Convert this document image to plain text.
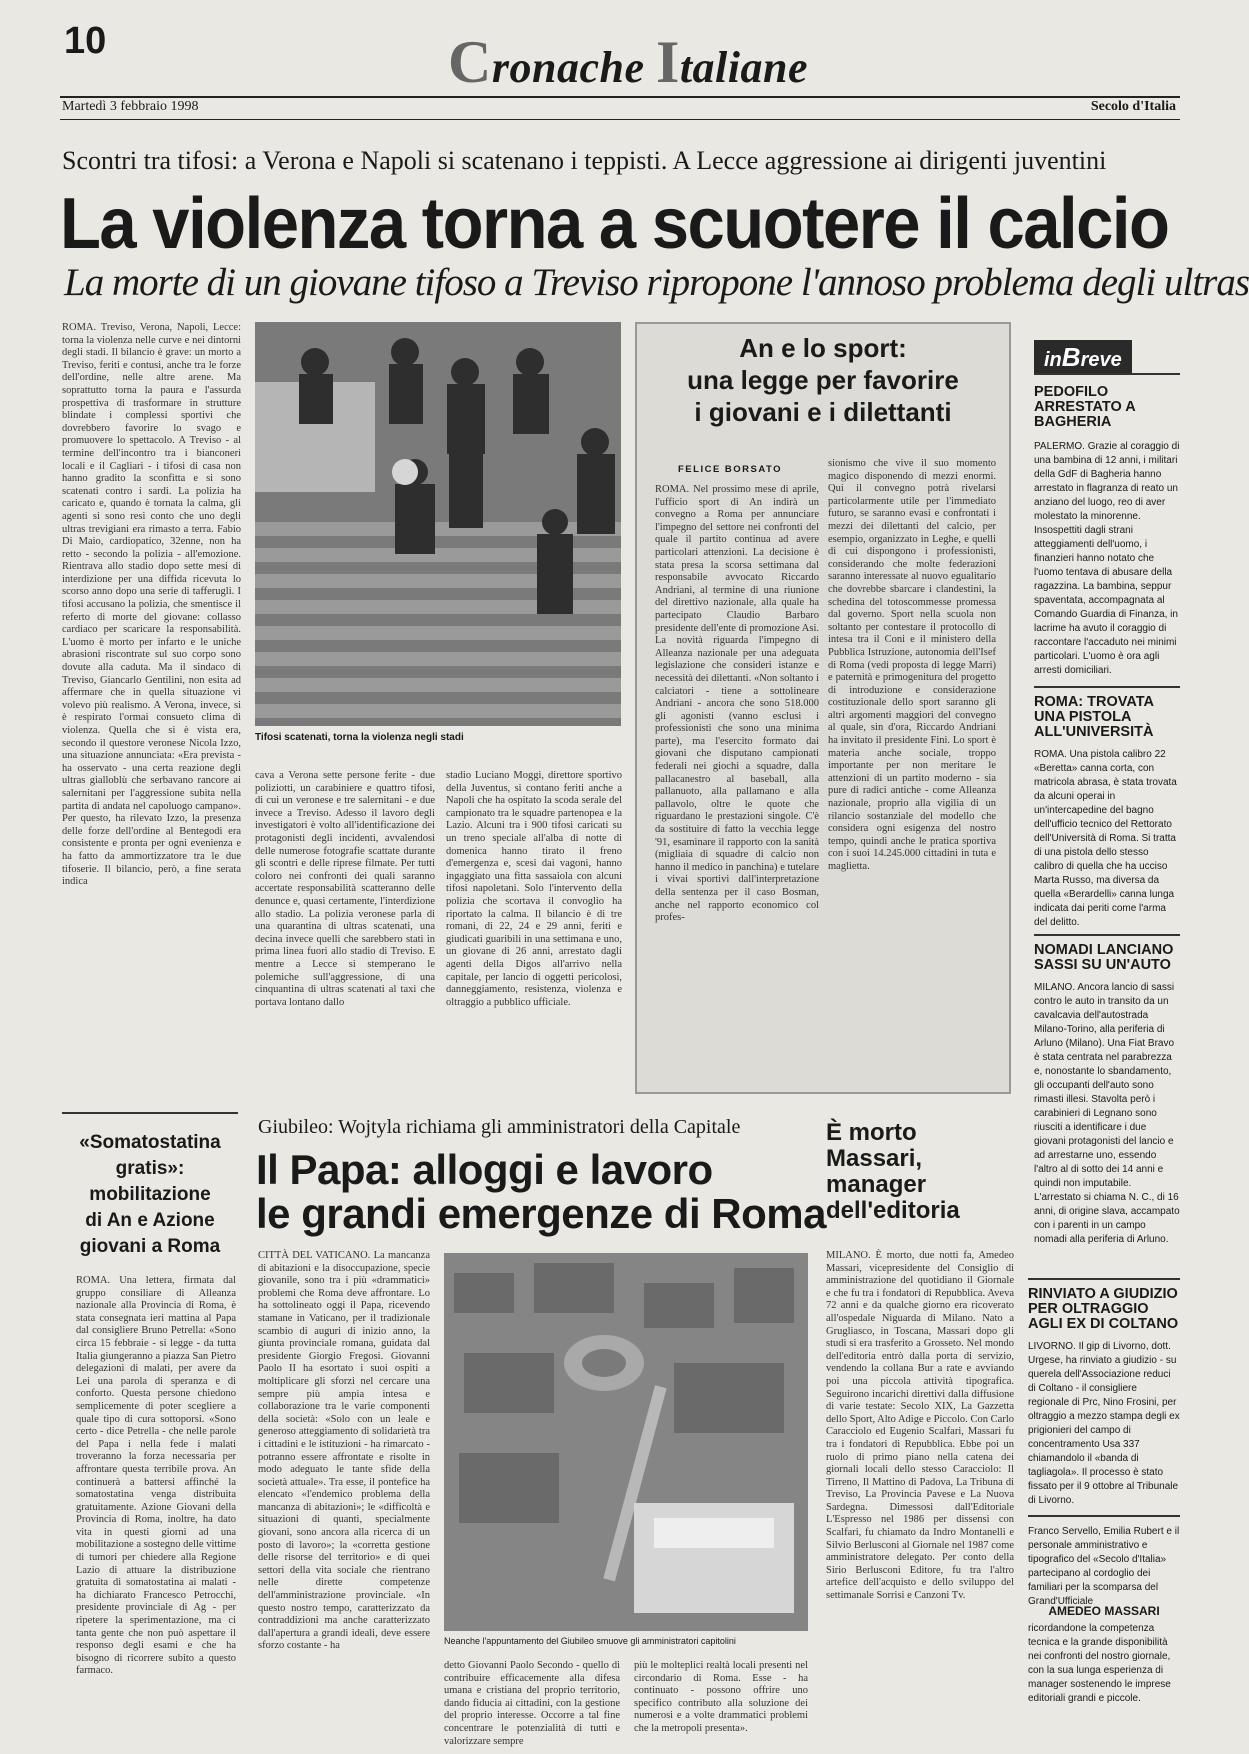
10	Cronache Italiane
Martedì 3 febbraio 1998	Secolo d'Italia
Scontri tra tifosi: a Verona e Napoli si scatenano i teppisti. A Lecce aggressione ai dirigenti juventini
La violenza torna a scuotere il calcio
La morte di un giovane tifoso a Treviso ripropone l'annoso problema degli ultras

ROMA. Treviso, Verona, Napoli, Lecce: torna la violenza nelle curve e nei dintorni degli stadi. Il bilancio è grave: un morto a Treviso, feriti e contusi, anche tra le forze dell'ordine, nelle altre arene. Ma soprattutto torna la paura e l'assurda prospettiva di trasformare in strutture blindate i complessi sportivi che dovrebbero favorire lo svago e promuovere lo spettacolo. A Treviso - al termine dell'incontro tra i bianconeri locali e il Cagliari - i tifosi di casa non hanno gradito la sconfitta e si sono scatenati contro i sardi. La polizia ha caricato e, quando è tornata la calma, gli agenti si sono resi conto che uno degli ultras trevigiani era rimasto a terra. Fabio Di Maio, cardiopatico, 32enne, non ha retto - secondo la polizia - all'emozione. Rientrava allo stadio dopo sette mesi di interdizione per una diffida ricevuta lo scorso anno dopo una serie di tafferugli. I tifosi accusano la polizia, che smentisce il referto di morte del giovane: collasso cardiaco per scaricare la responsabilità. L'uomo è morto per infarto e le uniche abrasioni riscontrate sul suo corpo sono dovute alla caduta. Ma il sindaco di Treviso, Giancarlo Gentilini, non esita ad affermare che in quella situazione vi volevo più realismo. A Verona, invece, si è respirato l'ormai consueto clima di violenza. Quella che si è vista era, secondo il questore veronese Nicola Izzo, una situazione annunciata: «Era prevista - ha osservato - una certa reazione degli ultras gialloblù che serbavano rancore ai salernitani per l'aggressione subita nella partita di andata nel capoluogo campano». Per questo, ha rilevato Izzo, la presenza delle forze dell'ordine al Bentegodi era consistente e pronta per ogni evenienza e ha fatto da ammortizzatore tra le due tifoserie. Il bilancio, però, a fine serata indica

Tifosi scatenati, torna la violenza negli stadi

cava a Verona sette persone ferite - due poliziotti, un carabiniere e quattro tifosi, di cui un veronese e tre salernitani - e due invece a Treviso. Adesso il lavoro degli investigatori è volto all'identificazione dei protagonisti degli incidenti, avvalendosi delle numerose fotografie scattate durante gli scontri e delle riprese filmate. Per tutti coloro nei confronti dei quali saranno accertate responsabilità scatteranno delle denunce e, quasi certamente, l'interdizione allo stadio. La polizia veronese parla di una quarantina di ultras scatenati, una decina invece quelli che sarebbero stati in prima linea fuori allo stadio di Treviso. E mentre a Lecce si stemperano le polemiche sull'aggressione, di una cinquantina di ultras scatenati al taxi che portava lontano dallo

stadio Luciano Moggi, direttore sportivo della Juventus, si contano feriti anche a Napoli che ha ospitato la scoda serale del campionato tra le squadre partenopea e la Lazio. Alcuni tra i 900 tifosi caricati su un treno speciale all'alba di notte di domenica hanno tirato il freno d'emergenza e, scesi dai vagoni, hanno ingaggiato una fitta sassaiola con alcuni tifosi napoletani. Solo l'intervento della polizia che scortava il convoglio ha riportato la calma. Il bilancio è di tre romani, di 22, 24 e 29 anni, feriti e giudicati guaribili in una settimana e uno, un giovane di 26 anni, arrestato dagli agenti della Digos all'arrivo nella capitale, per lancio di oggetti pericolosi, danneggiamento, resistenza, violenza e oltraggio a pubblico ufficiale.

An e lo sport:
una legge per favorire
i giovani e i dilettanti
FELICE BORSATO

ROMA. Nel prossimo mese di aprile, l'ufficio sport di An indirà un convegno a Roma per annunciare l'impegno del settore nei confronti del quale il partito continua ad avere particolari attenzioni. La decisione è stata presa la scorsa settimana dal responsabile avvocato Riccardo Andriani, al termine di una riunione del direttivo nazionale, alla quale ha partecipato Claudio Barbaro presidente dell'ente di promozione Asi. La novità riguarda l'impegno di Alleanza nazionale per una adeguata legislazione che consideri istanze e necessità dei dilettanti. «Non soltanto i calciatori - tiene a sottolineare Andriani - ancora che sono 518.000 gli agonisti (vanno esclusi i professionisti che sono una minima parte), ma l'esercito formato dai giovani che disputano campionati federali nei giochi a squadre, dalla pallacanestro al baseball, alla pallanuoto, alla pallamano e alla pallavolo, oltre le quote che riguardano le prestazioni singole. C'è da sostituire di fatto la vecchia legge '91, esaminare il rapporto con la sanità (migliaia di squadre di calcio non hanno il medico in panchina) e tutelare i vivai sportivi dall'interpretazione della sentenza per il caso Bosman, anche nel rapporto economico col profes-

sionismo che vive il suo momento magico disponendo di mezzi enormi. Qui il convegno potrà rivelarsi particolarmente utile per l'immediato futuro, se saranno evasi e confrontati i mezzi dei dilettanti del calcio, per esempio, organizzato in Leghe, e quelli di cui dispongono i professionisti, considerando che molte federazioni saranno interessate al nuovo egualitario che dovrebbe sbarcare i clandestini, la schedina del totoscommesse promessa dal governo. Sport nella scuola non soltanto per contestare il protocollo di intesa tra il Coni e il ministero della Pubblica Istruzione, autonomia dell'Isef di Roma (vedi proposta di legge Marri) e paternità e primogenitura del progetto di introduzione e considerazione costituzionale dello sport saranno gli altri argomenti maggiori del convegno al quale, sin d'ora, Riccardo Andriani ha invitato il presidente Fini. Lo sport è materia anche sociale, troppo importante per non meritare le attenzioni di un partito moderno - sia pure di radici antiche - come Alleanza nazionale, proprio alla vigilia di un rilancio sostanziale del modello che considera ogni esigenza del nostro tempo, quindi anche le pratica sportiva con i suoi 14.245.000 cittadini in tuta e maglietta.

inBreve
PEDOFILO ARRESTATO A BAGHERIA
PALERMO. Grazie al coraggio di una bambina di 12 anni, i militari della GdF di Bagheria hanno arrestato in flagranza di reato un anziano del luogo, reo di aver molestato la minorenne. Insospettiti dagli strani atteggiamenti dell'uomo, i finanzieri hanno notato che l'uomo tentava di abusare della ragazzina. La bambina, seppur spaventata, accompagnata al Comando Guardia di Finanza, in lacrime ha avuto il coraggio di raccontare l'accaduto nei minimi particolari. L'uomo è ora agli arresti domiciliari.
ROMA: TROVATA UNA PISTOLA ALL'UNIVERSITÀ
ROMA. Una pistola calibro 22 «Beretta» canna corta, con matricola abrasa, è stata trovata da alcuni operai in un'intercapedine del bagno dell'ufficio tecnico del Rettorato dell'Università di Roma. Si tratta di una pistola dello stesso calibro di quella che ha ucciso Marta Russo, ma diversa da quella «Berardelli» canna lunga indicata dai periti come l'arma del delitto.
NOMADI LANCIANO SASSI SU UN'AUTO
MILANO. Ancora lancio di sassi contro le auto in transito da un cavalcavia dell'autostrada Milano-Torino, alla periferia di Arluno (Milano). Una Fiat Bravo è stata centrata nel parabrezza e, nonostante lo sbandamento, gli occupanti dell'auto sono rimasti illesi. Stavolta però i carabinieri di Legnano sono riusciti a identificare i due giovani protagonisti del lancio e ad arrestarne uno, essendo l'altro al di sotto dei 14 anni e quindi non imputabile. L'arrestato si chiama N. C., di 16 anni, di origine slava, accampato con i parenti in un campo nomadi alla periferia di Arluno.
RINVIATO A GIUDIZIO PER OLTRAGGIO AGLI EX DI COLTANO
LIVORNO. Il gip di Livorno, dott. Urgese, ha rinviato a giudizio - su querela dell'Associazione reduci di Coltano - il consigliere regionale di Prc, Nino Frosini, per oltraggio a mezzo stampa degli ex prigionieri del campo di concentramento Usa 337 chiamandolo il «banda di tagliagola». Il processo è stato fissato per il 9 ottobre al Tribunale di Livorno.
«Somatostatina
gratis»:
mobilitazione
di An e Azione
giovani a Roma

ROMA. Una lettera, firmata dal gruppo consiliare di Alleanza nazionale alla Provincia di Roma, è stata consegnata ieri mattina al Papa dal consigliere Bruno Petrella: «Sono circa 15 febbraie - si legge - da tutta Italia giungeranno a piazza San Pietro delegazioni di malati, per avere da Lei una parola di speranza e di conforto. Questa persone chiedono semplicemente di poter scegliere a quale tipo di cura sottoporsi. «Sono certo - dice Petrella - che nelle parole del Papa i nella fede i malati troveranno la forza necessaria per affrontare questa terribile prova. An continuerà a battersi affinché la somatostatina venga distribuita gratuitamente. Azione Giovani della Provincia di Roma, inoltre, ha dato vita in questi giorni ad una mobilitazione a sostegno delle vittime di tumori per chiedere alla Regione Lazio di attuare la distribuzione gratuita di somatostatina ai malati - ha dichiarato Francesco Petrocchi, presidente provinciale di Ag - per ripetere la sperimentazione, ma ci tanta gente che non può aspettare il responso degli esami e che ha bisogno di ricorrere subito a questo farmaco.

Giubileo: Wojtyla richiama gli amministratori della Capitale
Il Papa: alloggi e lavoro
le grandi emergenze di Roma

CITTÀ DEL VATICANO. La mancanza di abitazioni e la disoccupazione, specie giovanile, sono tra i più «drammatici» problemi che Roma deve affrontare. Lo ha sottolineato oggi il Papa, ricevendo stamane in Vaticano, per il tradizionale scambio di auguri di inizio anno, la giunta provinciale romana, guidata dal presidente Giorgio Fregosi. Giovanni Paolo II ha esortato i suoi ospiti a moltiplicare gli sforzi nel cercare una sempre più ampia intesa e collaborazione tra le varie componenti della società: «Solo con un leale e generoso atteggiamento di solidarietà tra i cittadini e le istituzioni - ha rimarcato - potranno essere affrontate e risolte in modo adeguato le tante sfide della società attuale». Tra esse, il pontefice ha elencato «l'endemico problema della mancanza di abitazioni»; le «difficoltà e situazioni di quanti, specialmente giovani, sono ancora alla ricerca di un posto di lavoro»; la «corretta gestione delle risorse del territorio» e di quei settori della vita sociale che rientrano nelle dirette competenze dell'amministrazione provinciale. «In questo nostro tempo, caratterizzato da contraddizioni ma anche caratterizzato dall'apertura a grandi ideali, deve essere sforzo costante - ha	Neanche l'appuntamento del Giubileo smuove gli amministratori capitolini

detto Giovanni Paolo Secondo - quello di contribuire efficacemente alla difesa umana e cristiana del proprio territorio, dando fiducia ai cittadini, con la gestione del proprio interesse. Occorre a tal fine concentrare le potenzialità di tutti e valorizzare sempre

più le molteplici realtà locali presenti nel circondario di Roma. Esse - ha continuato - possono offrire uno specifico contributo alla soluzione dei numerosi e a volte drammatici problemi che la metropoli presenta».

È morto
Massari,
manager
dell'editoria

MILANO. È morto, due notti fa, Amedeo Massari, vicepresidente del Consiglio di amministrazione del quotidiano il Giornale e che fu tra i fondatori di Repubblica. Aveva 72 anni e da qualche giorno era ricoverato all'ospedale Niguarda di Milano. Nato a Grugliasco, in Toscana, Massari dopo gli studi si era trasferito a Grosseto. Nel mondo dell'editoria entrò dalla porta di servizio, vendendo la collana Bur a rate e avviando poi una piccola attività tipografica. Seguirono incarichi direttivi dalla diffusione di varie testate: Secolo XIX, La Gazzetta dello Sport, Alto Adige e Piccolo. Con Carlo Caracciolo ed Eugenio Scalfari, Massari fu tra i fondatori di Repubblica. Ebbe poi un ruolo di primo piano nella catena dei giornali locali dello stesso Caracciolo: Il Tirreno, Il Mattino di Padova, La Tribuna di Treviso, La Provincia Pavese e La Nuova Sardegna. Dimessosi dall'Editoriale L'Espresso nel 1986 per dissensi con Scalfari, fu chiamato da Indro Montanelli e Silvio Berlusconi al Giornale nel 1987 come amministratore delegato. Per conto della Sirio Berlusconi Editore, fu tra l'altro artefice dell'acquisto e dello sviluppo del settimanale Sorrisi e Canzoni Tv.

Franco Servello, Emilia Rubert e il personale amministrativo e tipografico del «Secolo d'Italia» partecipano al cordoglio dei familiari per la scomparsa del Grand'Ufficiale
AMEDEO MASSARI
ricordandone la competenza tecnica e la grande disponibilità nei confronti del nostro giornale, con la sua lunga esperienza di manager sostenendo le imprese editoriali grandi e piccole.
